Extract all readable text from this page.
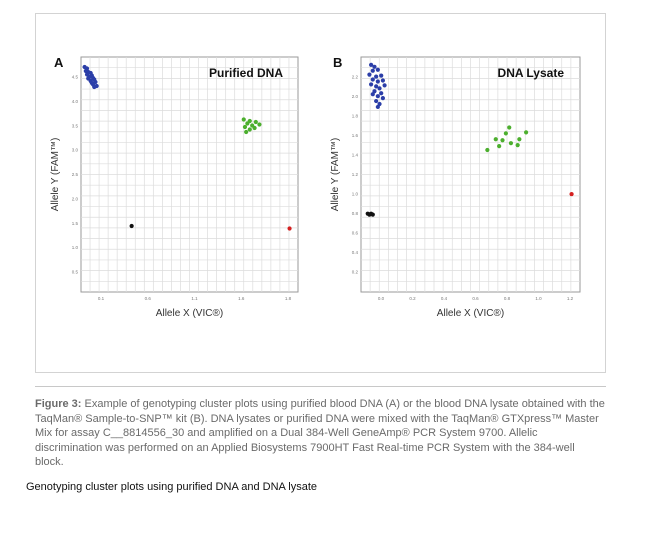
0.1	0.6	1.1	1.6	1.8
0.5
1.0
1.5
2.0
2.5
3.0
3.5
4.0
4.5
A
Purified DNA
Allele X (VIC®)
Allele Y (FAM™)
0.0	0.2	0.4	0.6	0.8	1.0	1.2
0.2
0.4
0.6
0.8
1.0
1.2
1.4
1.6
1.8
2.0
2.2
B
DNA Lysate
Allele X (VIC®)
Allele Y (FAM™)
Figure 3: Example of genotyping cluster plots using purified blood DNA (A) or the blood DNA lysate obtained with the TaqMan® Sample-to-SNP™ kit (B). DNA lysates or purified DNA were mixed with the TaqMan® GTXpress™ Master Mix for assay C__8814556_30 and amplified on a Dual 384-Well GeneAmp® PCR System 9700. Allelic discrimination was performed on an Applied Biosystems 7900HT Fast Real-time PCR System with the 384-well block.
Genotyping cluster plots using purified DNA and DNA lysate
